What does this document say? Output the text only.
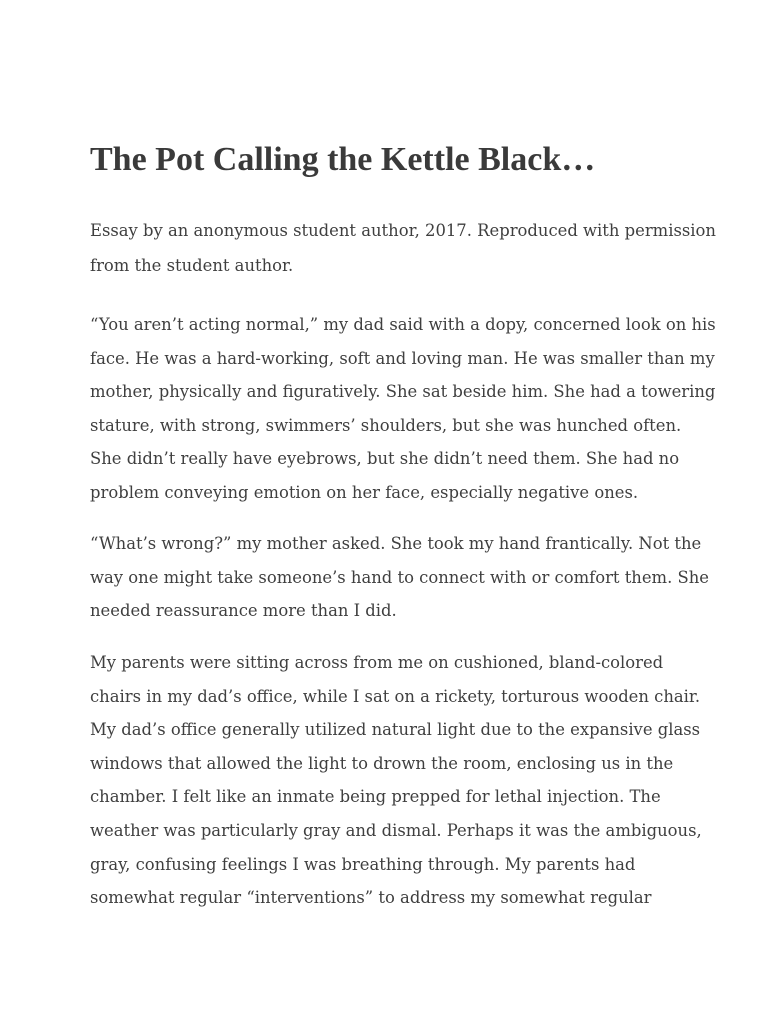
The Pot Calling the Kettle Black…

Essay by an anonymous student author, 2017. Reproduced with permission
from the student author.

“You aren’t acting normal,” my dad said with a dopy, concerned look on his
face. He was a hard-working, soft and loving man. He was smaller than my
mother, physically and figuratively. She sat beside him. She had a towering
stature, with strong, swimmers’ shoulders, but she was hunched often.
She didn’t really have eyebrows, but she didn’t need them. She had no
problem conveying emotion on her face, especially negative ones.

“What’s wrong?” my mother asked. She took my hand frantically. Not the
way one might take someone’s hand to connect with or comfort them. She
needed reassurance more than I did.

My parents were sitting across from me on cushioned, bland-colored
chairs in my dad’s office, while I sat on a rickety, torturous wooden chair.
My dad’s office generally utilized natural light due to the expansive glass
windows that allowed the light to drown the room, enclosing us in the
chamber. I felt like an inmate being prepped for lethal injection. The
weather was particularly gray and dismal. Perhaps it was the ambiguous,
gray, confusing feelings I was breathing through. My parents had
somewhat regular “interventions” to address my somewhat regular
